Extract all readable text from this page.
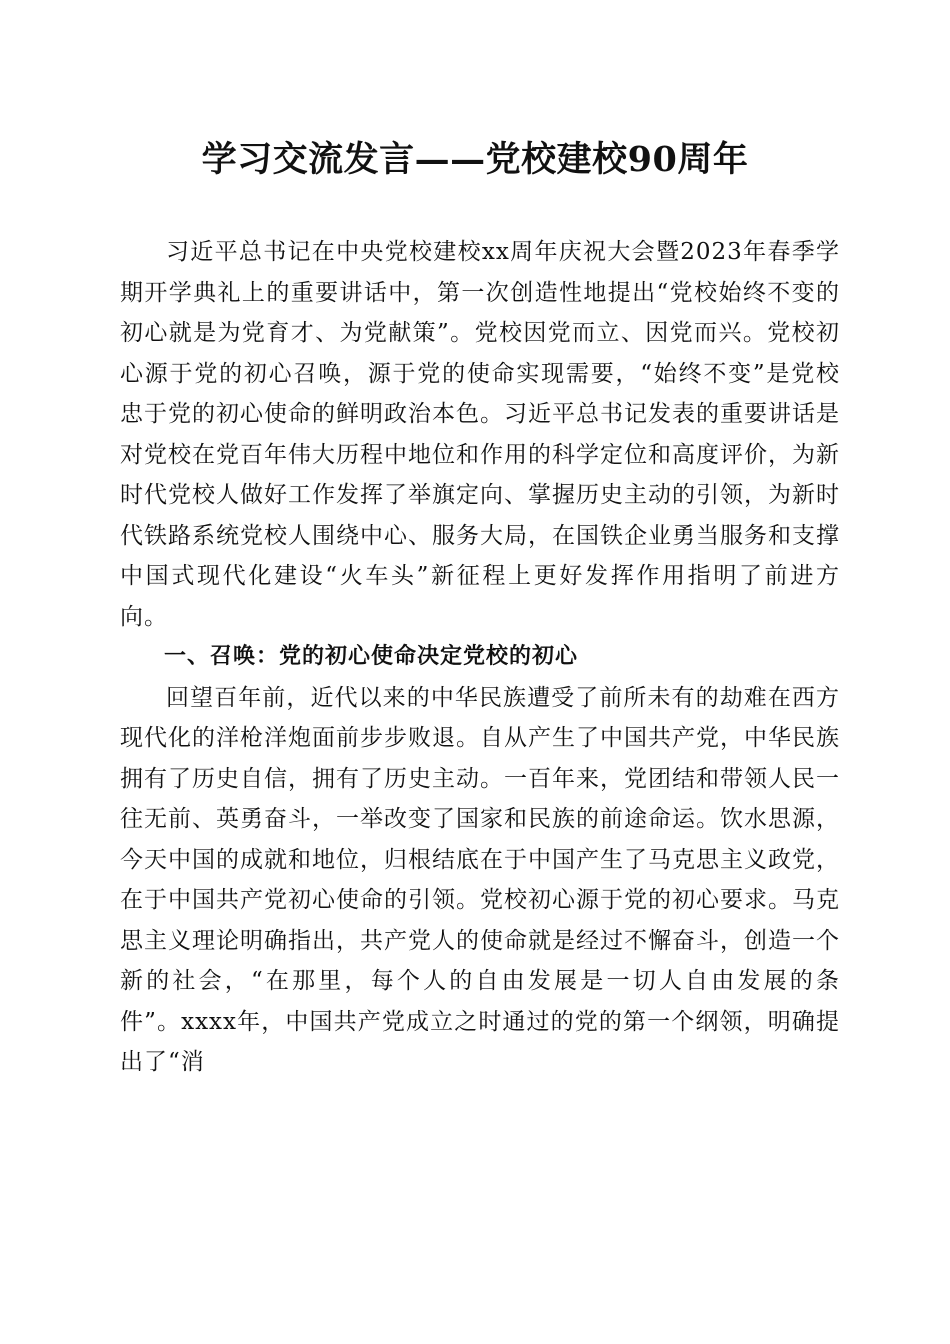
学习交流发言——党校建校90周年

习近平总书记在中央党校建校xx周年庆祝大会暨2023年春季学期开学典礼上的重要讲话中，第一次创造性地提出“党校始终不变的初心就是为党育才、为党献策”。党校因党而立、因党而兴。党校初心源于党的初心召唤，源于党的使命实现需要，“始终不变”是党校忠于党的初心使命的鲜明政治本色。习近平总书记发表的重要讲话是对党校在党百年伟大历程中地位和作用的科学定位和高度评价，为新时代党校人做好工作发挥了举旗定向、掌握历史主动的引领，为新时代铁路系统党校人围绕中心、服务大局，在国铁企业勇当服务和支撑中国式现代化建设“火车头”新征程上更好发挥作用指明了前进方向。

一、召唤：党的初心使命决定党校的初心

回望百年前，近代以来的中华民族遭受了前所未有的劫难在西方现代化的洋枪洋炮面前步步败退。自从产生了中国共产党，中华民族拥有了历史自信，拥有了历史主动。一百年来，党团结和带领人民一往无前、英勇奋斗，一举改变了国家和民族的前途命运。饮水思源，今天中国的成就和地位，归根结底在于中国产生了马克思主义政党，在于中国共产党初心使命的引领。党校初心源于党的初心要求。马克思主义理论明确指出，共产党人的使命就是经过不懈奋斗，创造一个新的社会，“在那里，每个人的自由发展是一切人自由发展的条件”。xxxx年，中国共产党成立之时通过的党的第一个纲领，明确提出了“消
